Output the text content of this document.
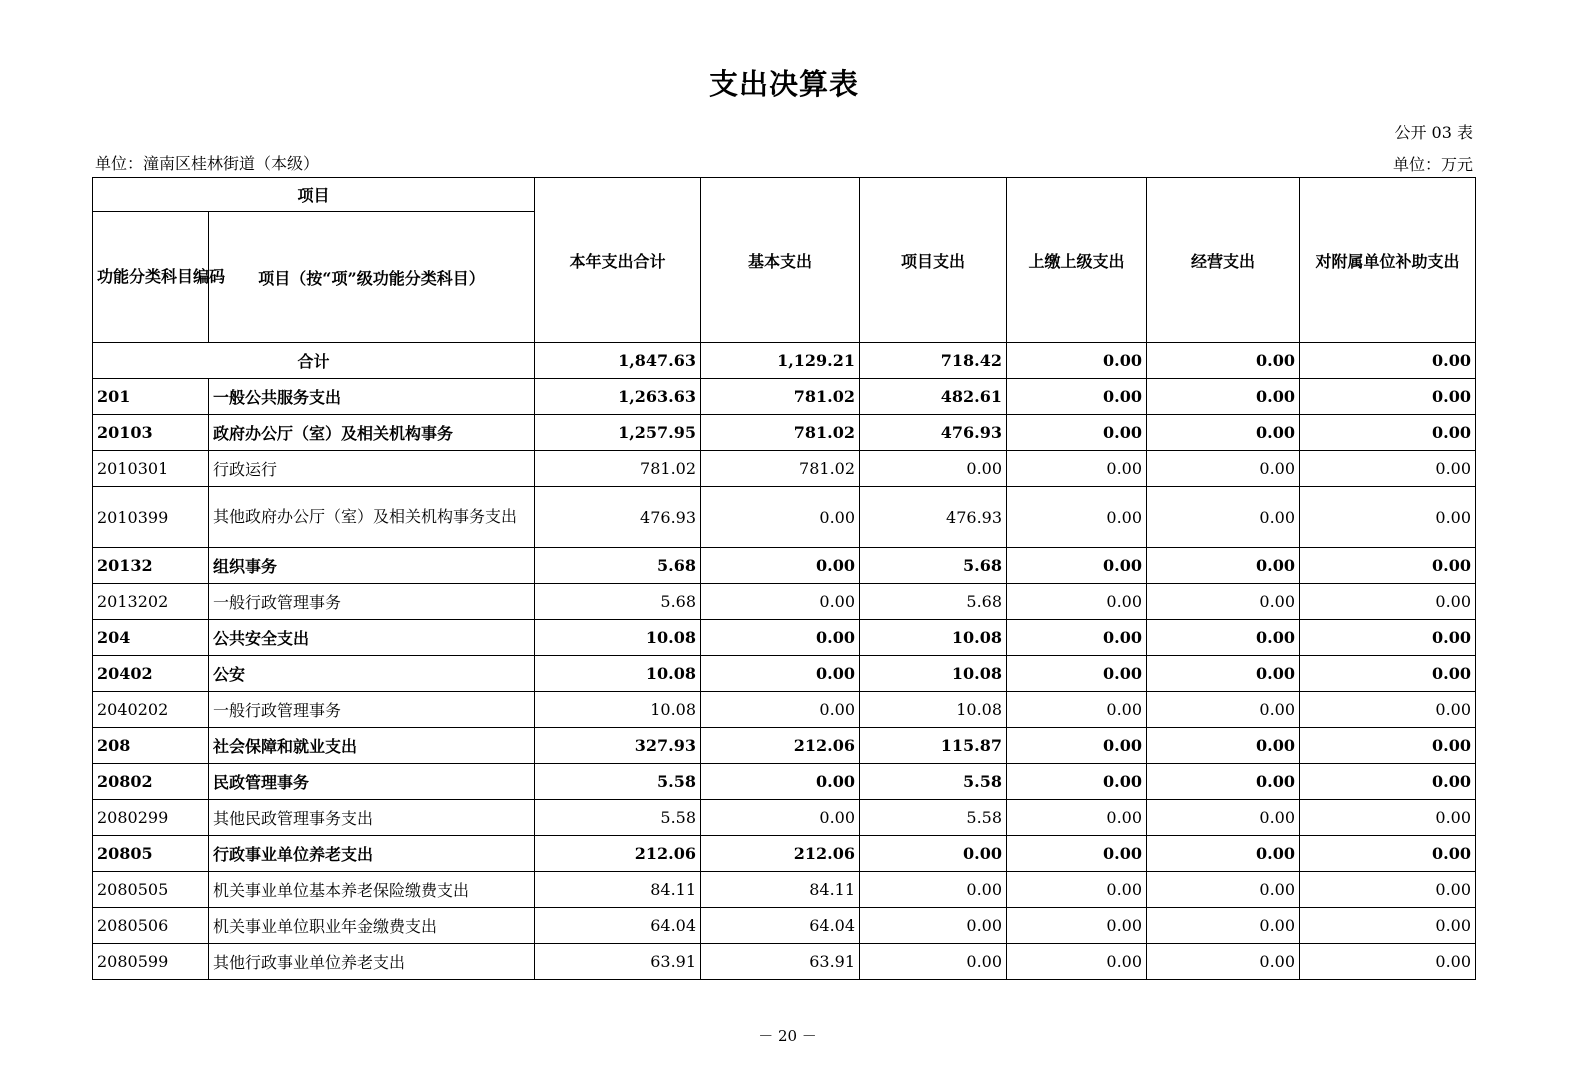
支出决算表
公开 03 表
单位：潼南区桂林街道（本级）	单位：万元
项目		本年支出合计	基本支出	项目支出	上缴上级支出	经营支出	对附属单位补助支出
功能分类科目编码	项目（按“项”级功能分类科目）						
合计		1,847.63	1,129.21	718.42	0.00	0.00	0.00
201	一般公共服务支出	1,263.63	781.02	482.61	0.00	0.00	0.00
20103	政府办公厅（室）及相关机构事务	1,257.95	781.02	476.93	0.00	0.00	0.00
2010301	行政运行	781.02	781.02	0.00	0.00	0.00	0.00
2010399	其他政府办公厅（室）及相关机构事务支出	476.93	0.00	476.93	0.00	0.00	0.00
20132	组织事务	5.68	0.00	5.68	0.00	0.00	0.00
2013202	一般行政管理事务	5.68	0.00	5.68	0.00	0.00	0.00
204	公共安全支出	10.08	0.00	10.08	0.00	0.00	0.00
20402	公安	10.08	0.00	10.08	0.00	0.00	0.00
2040202	一般行政管理事务	10.08	0.00	10.08	0.00	0.00	0.00
208	社会保障和就业支出	327.93	212.06	115.87	0.00	0.00	0.00
20802	民政管理事务	5.58	0.00	5.58	0.00	0.00	0.00
2080299	其他民政管理事务支出	5.58	0.00	5.58	0.00	0.00	0.00
20805	行政事业单位养老支出	212.06	212.06	0.00	0.00	0.00	0.00
2080505	机关事业单位基本养老保险缴费支出	84.11	84.11	0.00	0.00	0.00	0.00
2080506	机关事业单位职业年金缴费支出	64.04	64.04	0.00	0.00	0.00	0.00
2080599	其他行政事业单位养老支出	63.91	63.91	0.00	0.00	0.00	0.00
－ 20 －
